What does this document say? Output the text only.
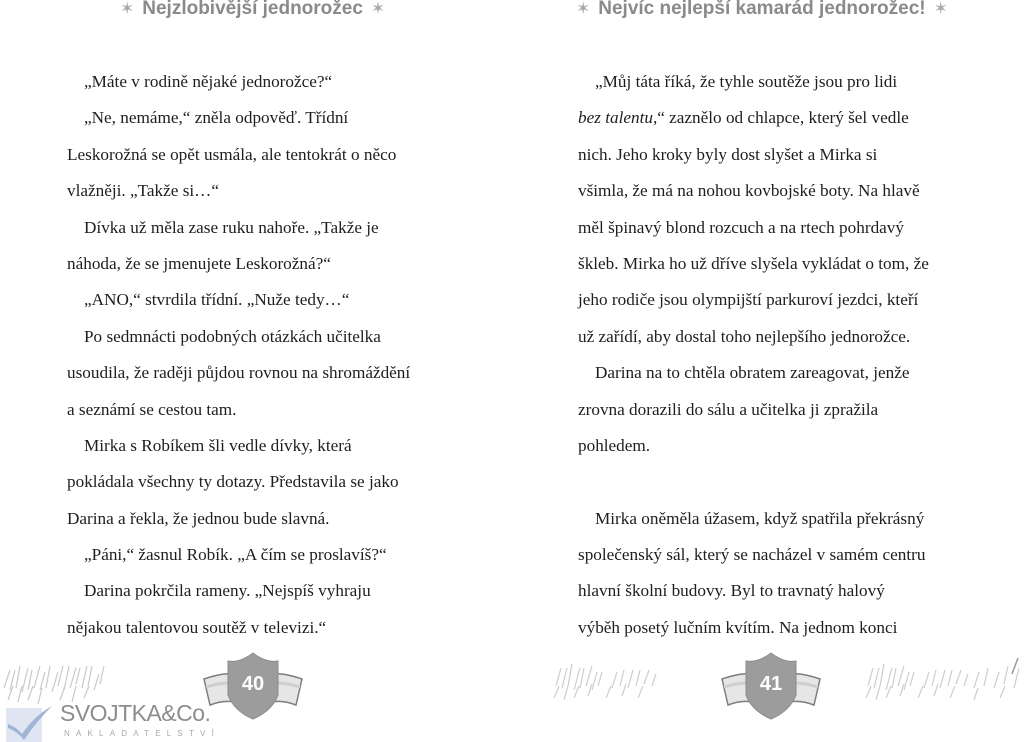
✶ Nejzlobivější jednorožec ✶
„Máte v rodině nějaké jednorožce?“
„Ne, nemáme,“ zněla odpověď. Třídní
Leskorožná se opět usmála, ale tentokrát o něco
vlažněji. „Takže si…“
Dívka už měla zase ruku nahoře. „Takže je
náhoda, že se jmenujete Leskorožná?“
„ANO,“ stvrdila třídní. „Nuže tedy…“
Po sedmnácti podobných otázkách učitelka
usoudila, že raději půjdou rovnou na shromáždění
a seznámí se cestou tam.
Mirka s Robíkem šli vedle dívky, která
pokládala všechny ty dotazy. Představila se jako
Darina a řekla, že jednou bude slavná.
„Páni,“ žasnul Robík. „A čím se proslavíš?“
Darina pokrčila rameny. „Nejspíš vyhraju
nějakou talentovou soutěž v televizi.“
40
SVOJTKA&Co.
NAKLADATELSTVÍ
✶ Nejvíc nejlepší kamarád jednorožec! ✶
„Můj táta říká, že tyhle soutěže jsou pro lidi
bez talentu,“ zaznělo od chlapce, který šel vedle
nich. Jeho kroky byly dost slyšet a Mirka si
všimla, že má na nohou kovbojské boty. Na hlavě
měl špinavý blond rozcuch a na rtech pohrdavý
škleb. Mirka ho už dříve slyšela vykládat o tom, že
jeho rodiče jsou olympijští parkuroví jezdci, kteří
už zařídí, aby dostal toho nejlepšího jednorožce.
Darina na to chtěla obratem zareagovat, jenže
zrovna dorazili do sálu a učitelka ji zpražila
pohledem.
Mirka oněměla úžasem, když spatřila překrásný
společenský sál, který se nacházel v samém centru
hlavní školní budovy. Byl to travnatý halový
výběh posetý lučním kvítím. Na jednom konci
41
